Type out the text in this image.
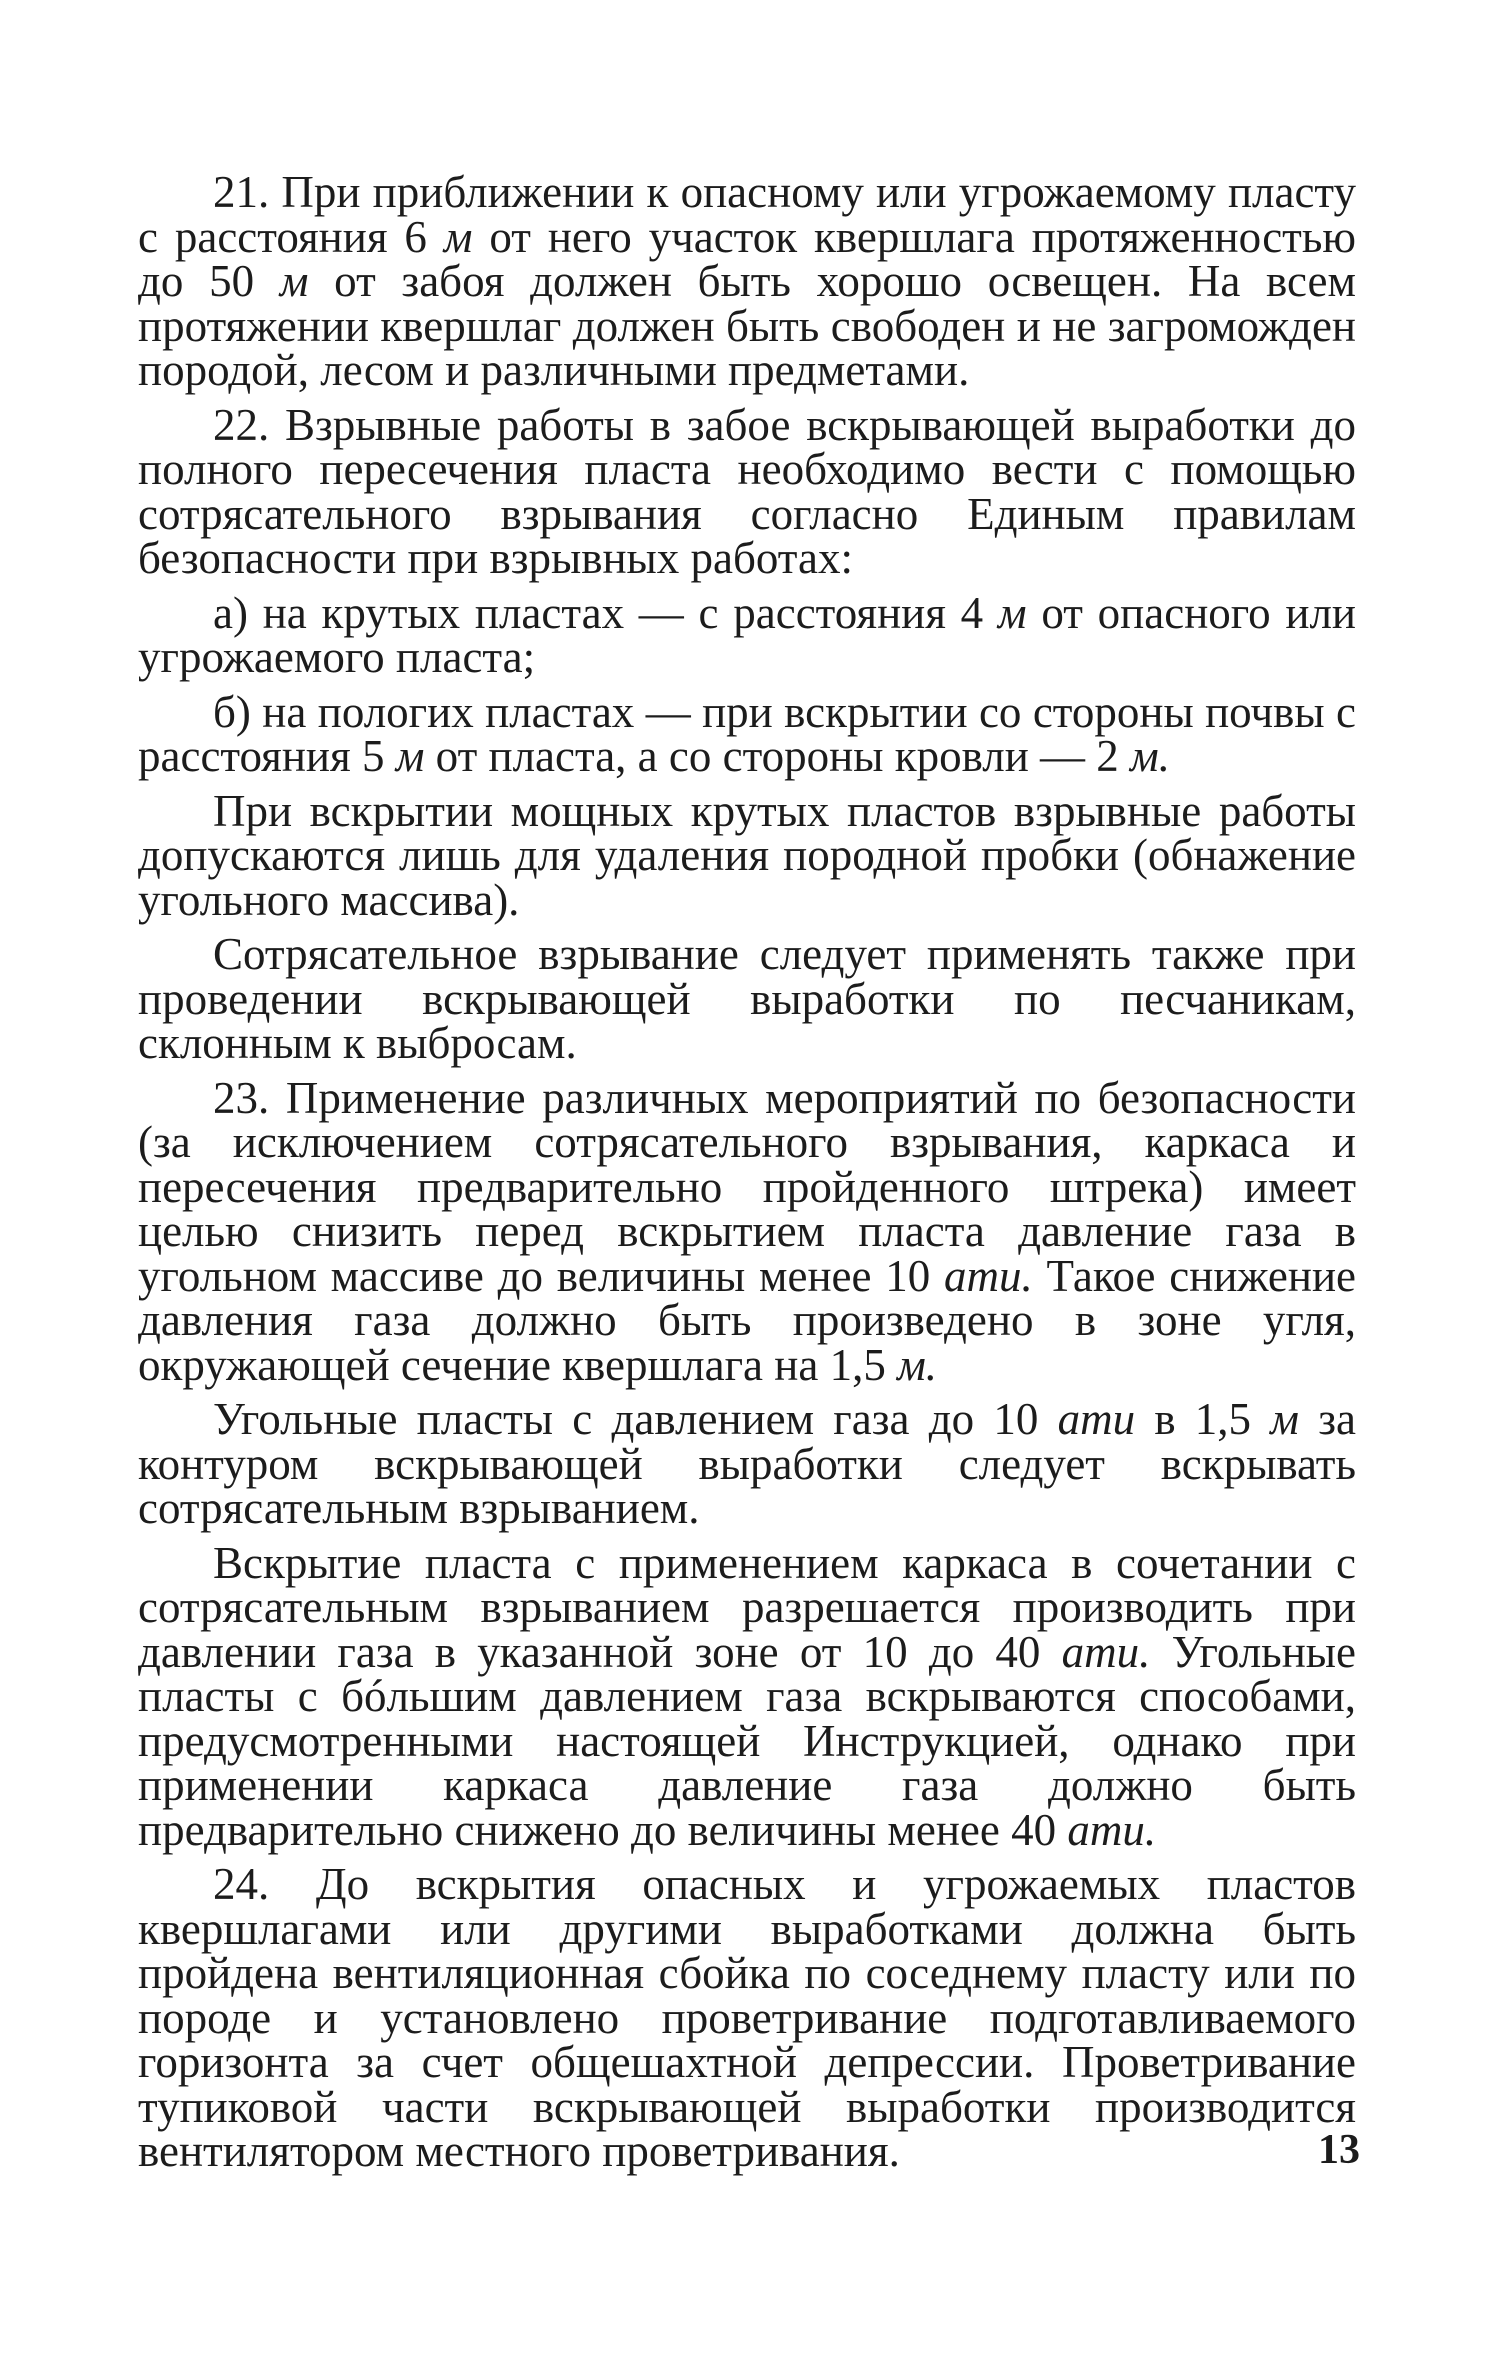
21. При приближении к опасному или угрожаемому пласту с расстояния 6 м от него участок квершлага протяженностью до 50 м от забоя должен быть хорошо освещен. На всем протяжении квершлаг должен быть свободен и не загроможден породой, лесом и различными предметами.

22. Взрывные работы в забое вскрывающей выработки до полного пересечения пласта необходимо вести с помощью сотрясательного взрывания согласно Единым правилам безопасности при взрывных работах:

а) на крутых пластах — с расстояния 4 м от опасного или угрожаемого пласта;

б) на пологих пластах — при вскрытии со стороны почвы с расстояния 5 м от пласта, а со стороны кровли — 2 м.

При вскрытии мощных крутых пластов взрывные работы допускаются лишь для удаления породной пробки (обнажение угольного массива).

Сотрясательное взрывание следует применять также при проведении вскрывающей выработки по песчаникам, склонным к выбросам.

23. Применение различных мероприятий по безопасности (за исключением сотрясательного взрывания, каркаса и пересечения предварительно пройденного штрека) имеет целью снизить перед вскрытием пласта давление газа в угольном массиве до величины менее 10 ати. Такое снижение давления газа должно быть произведено в зоне угля, окружающей сечение квершлага на 1,5 м.

Угольные пласты с давлением газа до 10 ати в 1,5 м за контуром вскрывающей выработки следует вскрывать сотрясательным взрыванием.

Вскрытие пласта с применением каркаса в сочетании с сотрясательным взрыванием разрешается производить при давлении газа в указанной зоне от 10 до 40 ати. Угольные пласты с бóльшим давлением газа вскрываются способами, предусмотренными настоящей Инструкцией, однако при применении каркаса давление газа должно быть предварительно снижено до величины менее 40 ати.

24. До вскрытия опасных и угрожаемых пластов квершлагами или другими выработками должна быть пройдена вентиляционная сбойка по соседнему пласту или по породе и установлено проветривание подготавливаемого горизонта за счет общешахтной депрессии. Проветривание тупиковой части вскрывающей выработки производится вентилятором местного проветривания.	13
